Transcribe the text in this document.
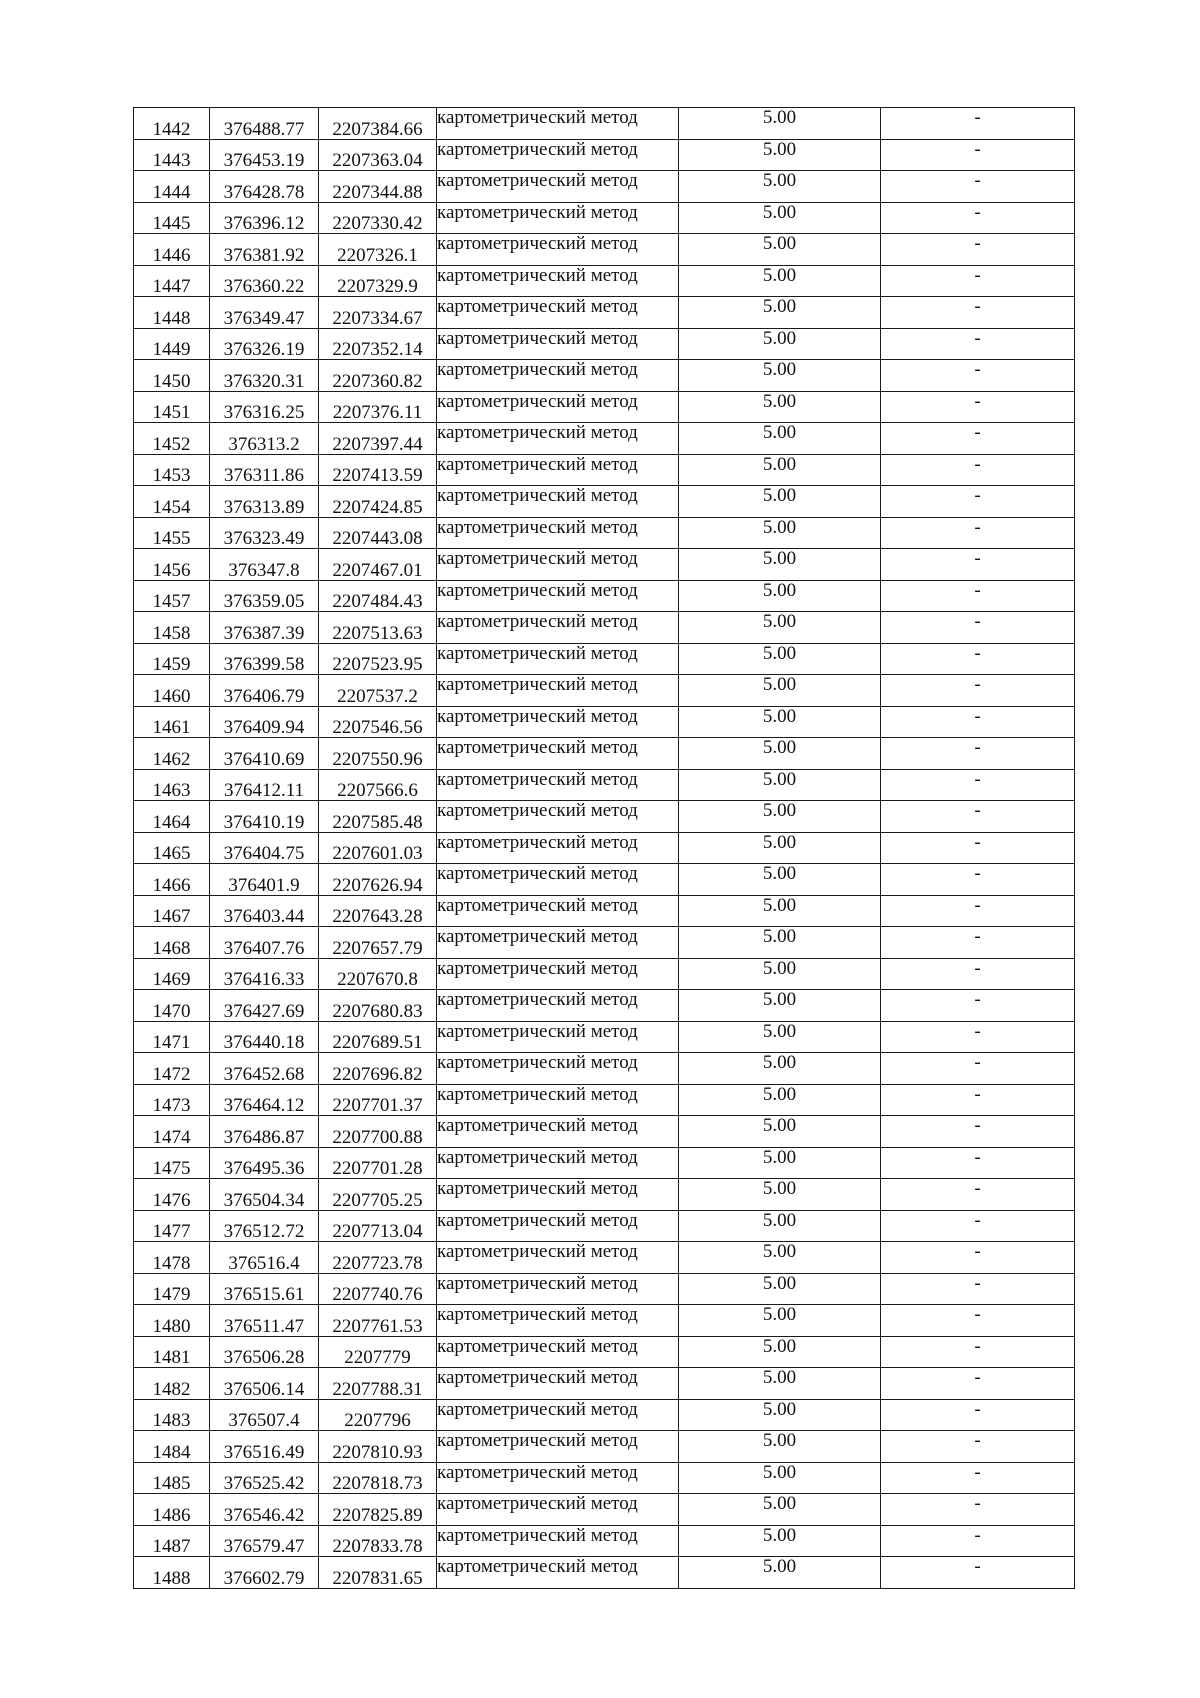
1442	376488.77	2207384.66	картометрический метод	5.00	-
1443	376453.19	2207363.04	картометрический метод	5.00	-
1444	376428.78	2207344.88	картометрический метод	5.00	-
1445	376396.12	2207330.42	картометрический метод	5.00	-
1446	376381.92	2207326.1	картометрический метод	5.00	-
1447	376360.22	2207329.9	картометрический метод	5.00	-
1448	376349.47	2207334.67	картометрический метод	5.00	-
1449	376326.19	2207352.14	картометрический метод	5.00	-
1450	376320.31	2207360.82	картометрический метод	5.00	-
1451	376316.25	2207376.11	картометрический метод	5.00	-
1452	376313.2	2207397.44	картометрический метод	5.00	-
1453	376311.86	2207413.59	картометрический метод	5.00	-
1454	376313.89	2207424.85	картометрический метод	5.00	-
1455	376323.49	2207443.08	картометрический метод	5.00	-
1456	376347.8	2207467.01	картометрический метод	5.00	-
1457	376359.05	2207484.43	картометрический метод	5.00	-
1458	376387.39	2207513.63	картометрический метод	5.00	-
1459	376399.58	2207523.95	картометрический метод	5.00	-
1460	376406.79	2207537.2	картометрический метод	5.00	-
1461	376409.94	2207546.56	картометрический метод	5.00	-
1462	376410.69	2207550.96	картометрический метод	5.00	-
1463	376412.11	2207566.6	картометрический метод	5.00	-
1464	376410.19	2207585.48	картометрический метод	5.00	-
1465	376404.75	2207601.03	картометрический метод	5.00	-
1466	376401.9	2207626.94	картометрический метод	5.00	-
1467	376403.44	2207643.28	картометрический метод	5.00	-
1468	376407.76	2207657.79	картометрический метод	5.00	-
1469	376416.33	2207670.8	картометрический метод	5.00	-
1470	376427.69	2207680.83	картометрический метод	5.00	-
1471	376440.18	2207689.51	картометрический метод	5.00	-
1472	376452.68	2207696.82	картометрический метод	5.00	-
1473	376464.12	2207701.37	картометрический метод	5.00	-
1474	376486.87	2207700.88	картометрический метод	5.00	-
1475	376495.36	2207701.28	картометрический метод	5.00	-
1476	376504.34	2207705.25	картометрический метод	5.00	-
1477	376512.72	2207713.04	картометрический метод	5.00	-
1478	376516.4	2207723.78	картометрический метод	5.00	-
1479	376515.61	2207740.76	картометрический метод	5.00	-
1480	376511.47	2207761.53	картометрический метод	5.00	-
1481	376506.28	2207779	картометрический метод	5.00	-
1482	376506.14	2207788.31	картометрический метод	5.00	-
1483	376507.4	2207796	картометрический метод	5.00	-
1484	376516.49	2207810.93	картометрический метод	5.00	-
1485	376525.42	2207818.73	картометрический метод	5.00	-
1486	376546.42	2207825.89	картометрический метод	5.00	-
1487	376579.47	2207833.78	картометрический метод	5.00	-
1488	376602.79	2207831.65	картометрический метод	5.00	-
